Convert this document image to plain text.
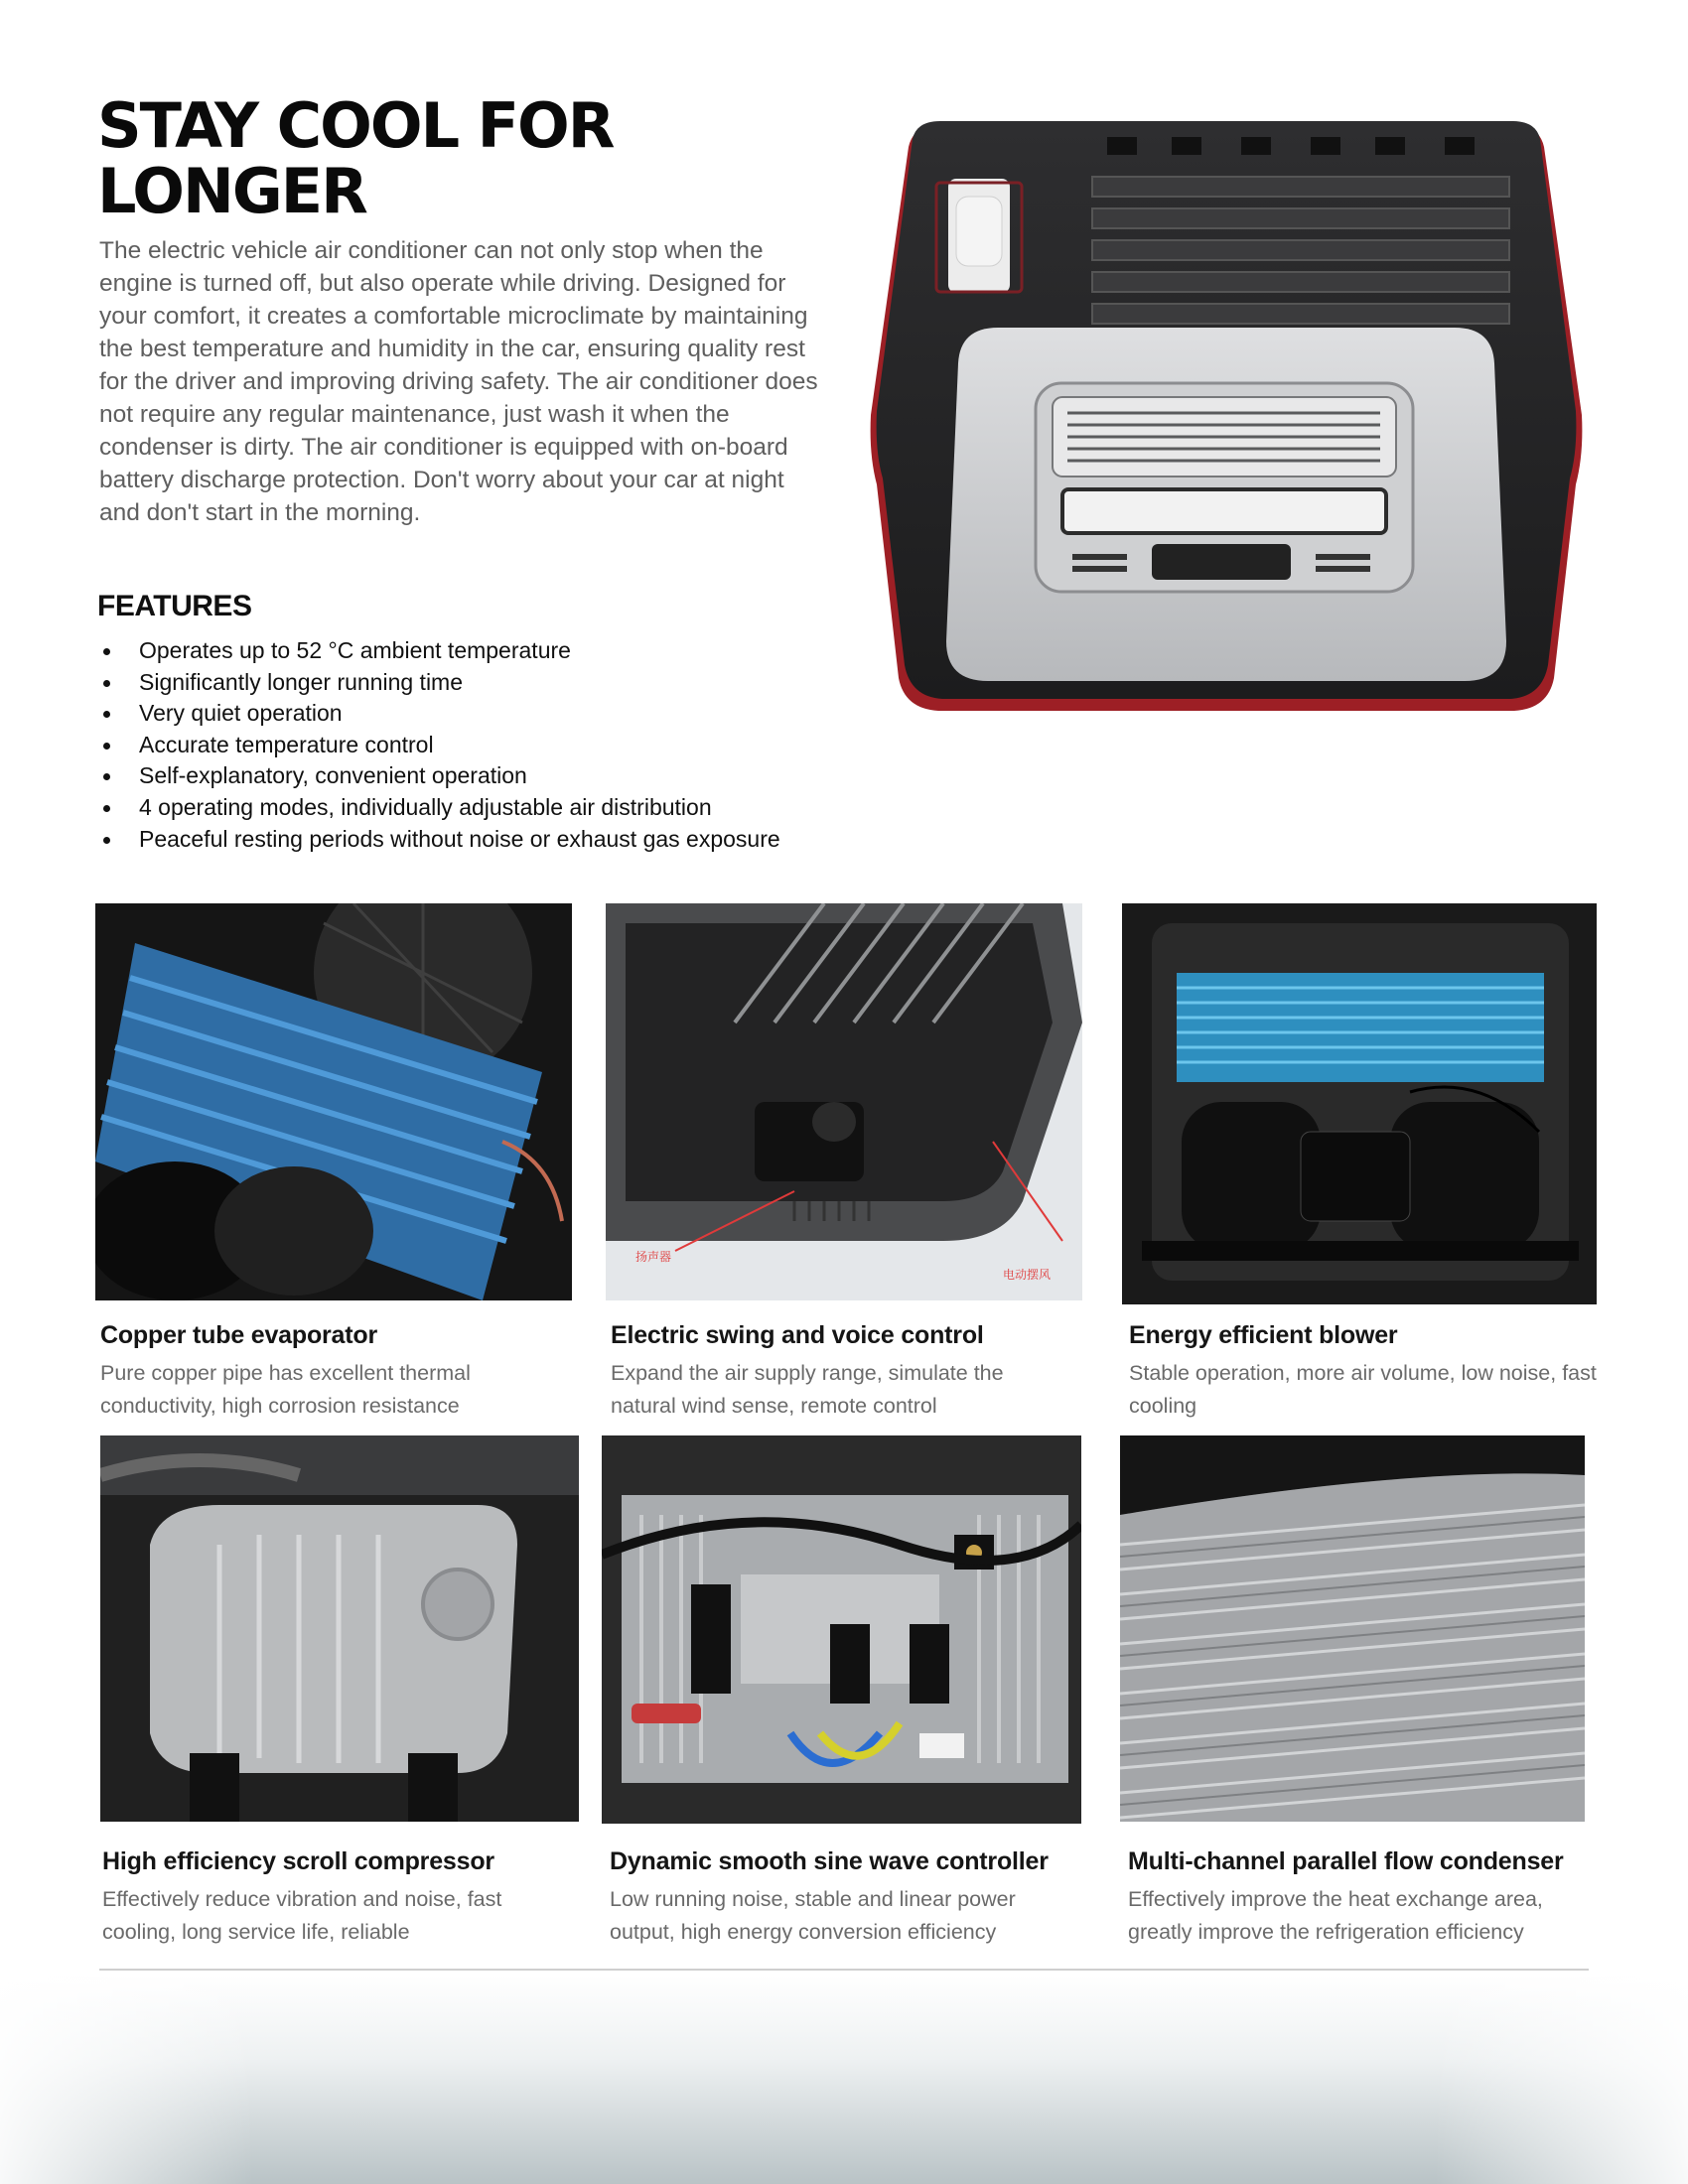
STAY COOL FOR
LONGER

The electric vehicle air conditioner can not only stop when the engine is turned off, but also operate while driving. Designed for your comfort, it creates a comfortable microclimate by maintaining the best temperature and humidity in the car, ensuring quality rest for the driver and improving driving safety. The air conditioner does not require any regular maintenance, just wash it when the condenser is dirty. The air conditioner is equipped with on-board battery discharge protection. Don't worry about your car at night and don't start in the morning.

FEATURES
Operates up to 52 °C ambient temperature
Significantly longer running time
Very quiet operation
Accurate temperature control
Self-explanatory, convenient operation
4 operating modes, individually adjustable air distribution
Peaceful resting periods without noise or exhaust gas exposure
扬声器
电动摆风

Copper tube evaporator

Pure copper pipe has excellent thermal conductivity, high corrosion resistance

Electric swing and voice control

Expand the air supply range, simulate the natural wind sense, remote control

Energy efficient blower

Stable operation, more air volume, low noise, fast cooling

High efficiency scroll compressor

Effectively reduce vibration and noise, fast cooling, long service life, reliable

Dynamic smooth sine wave controller

Low running noise, stable and linear power output, high energy conversion efficiency

Multi-channel parallel flow condenser

Effectively improve the heat exchange area, greatly improve the refrigeration efficiency
